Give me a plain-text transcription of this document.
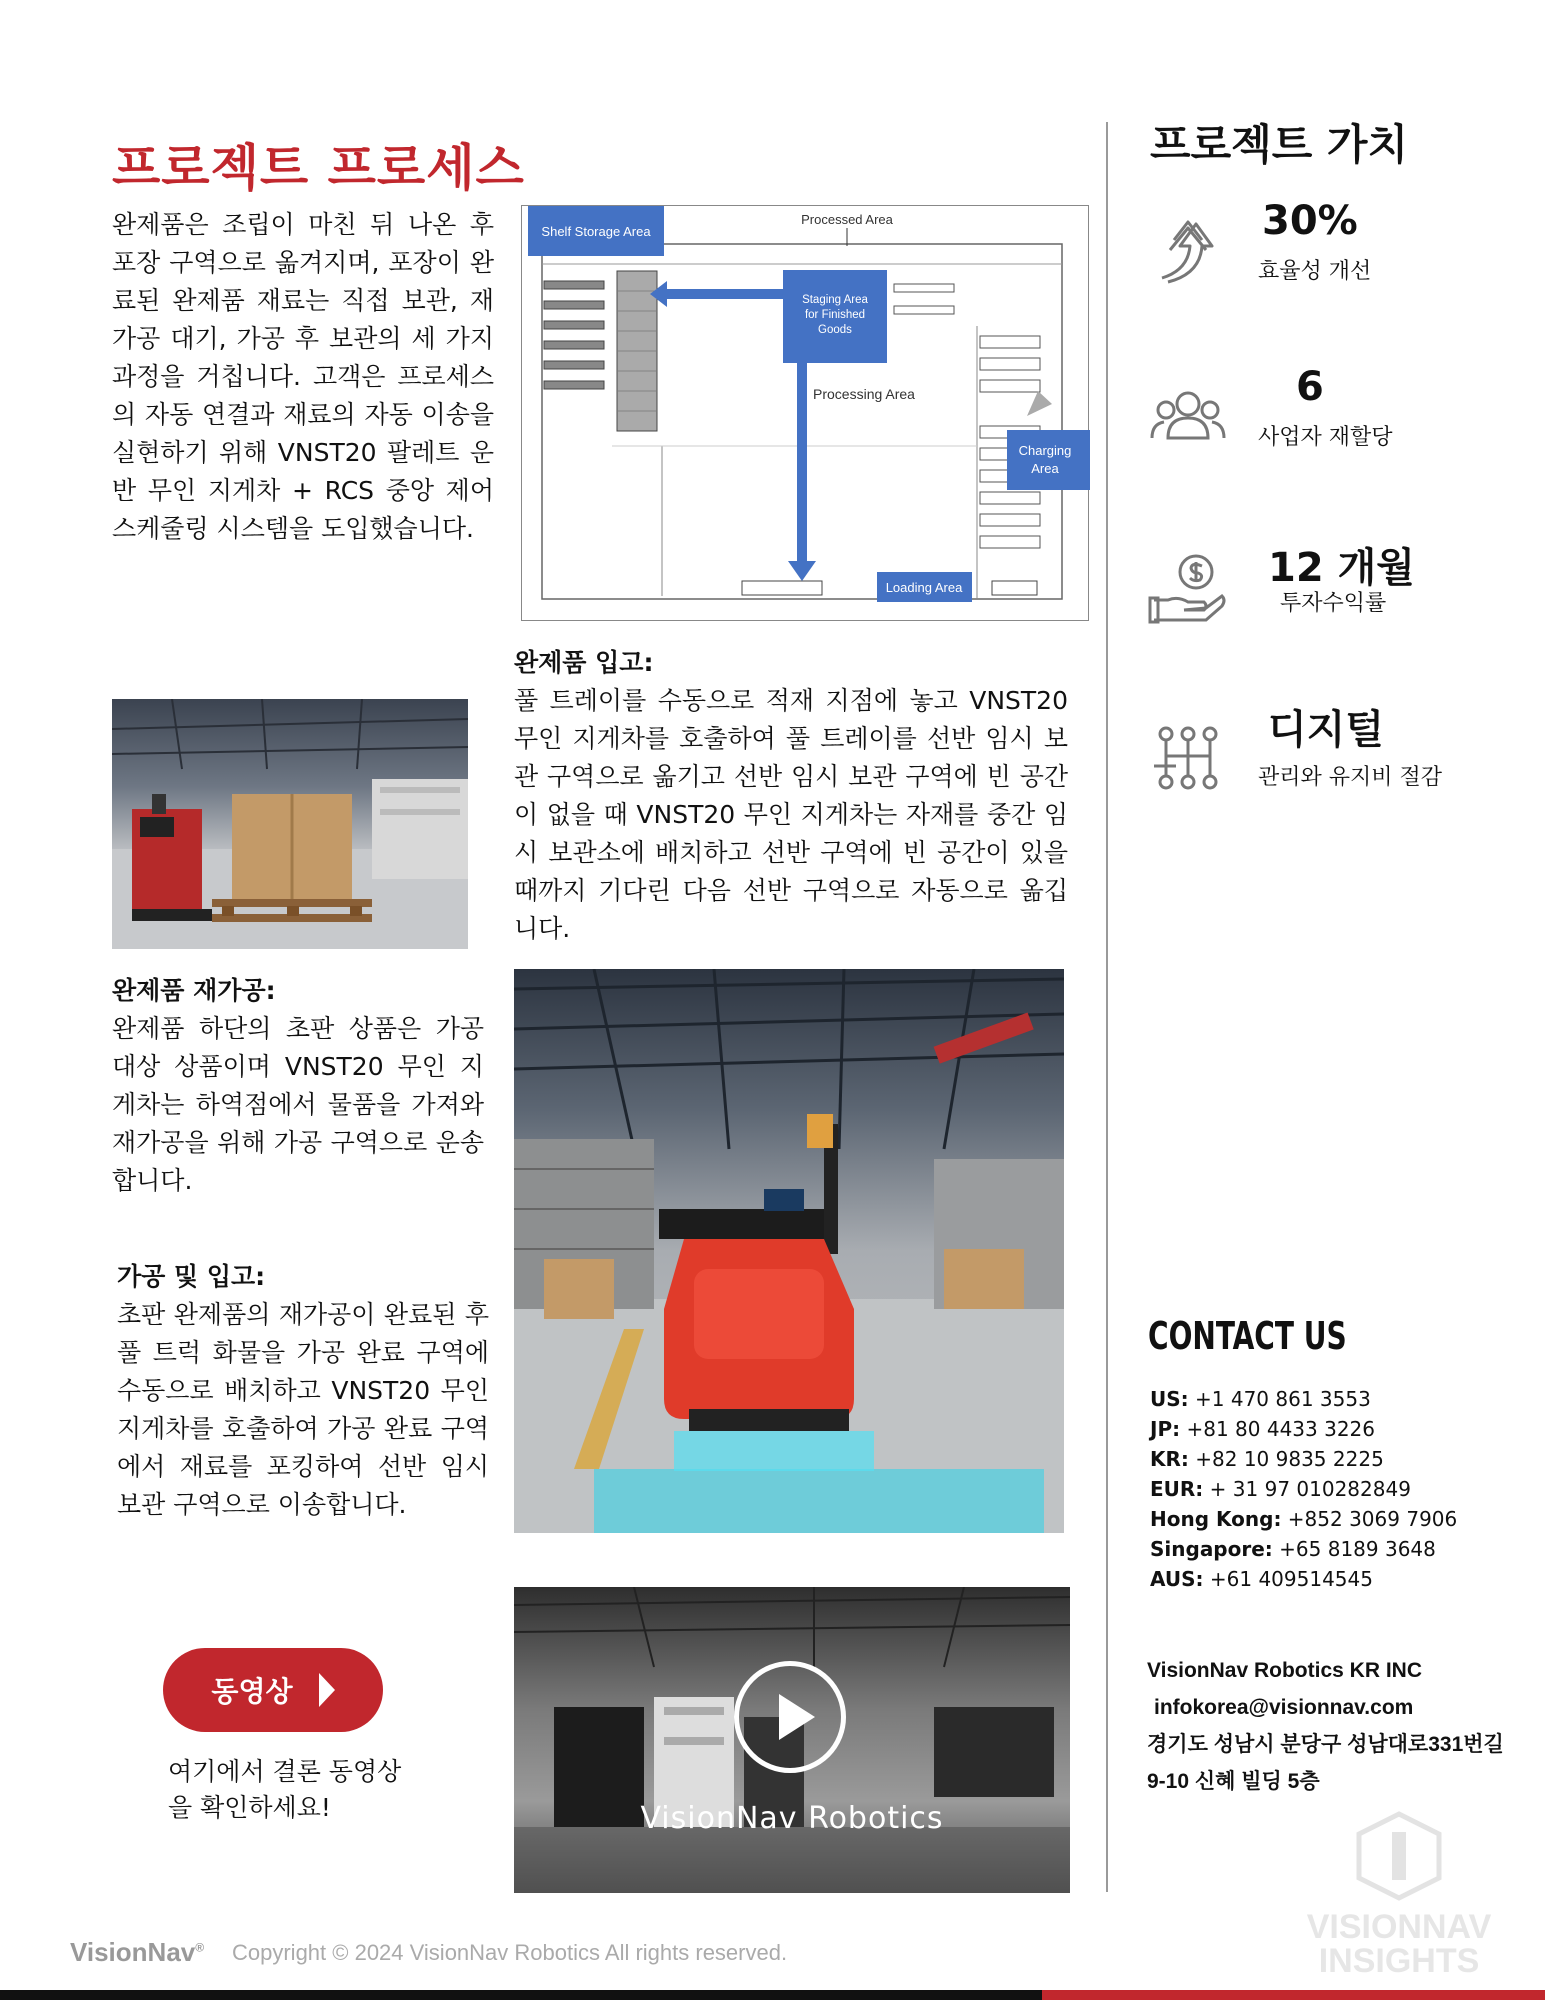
프로젝트 프로세스
완제품은 조립이 마친 뒤 나온 후 포장 구역으로 옮겨지며, 포장이 완료된 완제품 재료는 직접 보관, 재 가공 대기, 가공 후 보관의 세 가지 과정을 거칩니다. 고객은 프로세스의 자동 연결과 재료의 자동 이송을 실현하기 위해 VNST20 팔레트 운반 무인 지게차 + RCS 중앙 제어 스케줄링 시스템을 도입했습니다.
Shelf Storage Area
Staging Area
for Finished
Goods
Charging
Area
Loading Area
Processed Area
Processing Area
완제품 입고:
풀 트레이를 수동으로 적재 지점에 놓고 VNST20 무인 지게차를 호출하여 풀 트레이를 선반 임시 보관 구역으로 옮기고 선반 임시 보관 구역에 빈 공간이 없을 때 VNST20 무인 지게차는 자재를 중간 임시 보관소에 배치하고 선반 구역에 빈 공간이 있을 때까지 기다린 다음 선반 구역으로 자동으로 옮깁니다.
완제품 재가공:
완제품 하단의 초판 상품은 가공 대상 상품이며 VNST20 무인 지게차는 하역점에서 물품을 가져와 재가공을 위해 가공 구역으로 운송합니다.
가공 및 입고:
초판 완제품의 재가공이 완료된 후 풀 트럭 화물을 가공 완료 구역에 수동으로 배치하고 VNST20 무인 지게차를 호출하여 가공 완료 구역에서 재료를 포킹하여 선반 임시 보관 구역으로 이송합니다.
동영상
여기에서 결론 동영상
을 확인하세요!	VisionNav Robotics
프로젝트 가치
30%
효율성 개선
6
사업자 재할당
12 개월
투자수익률
디지털
관리와 유지비 절감
CONTACT US
US: +1 470 861 3553
JP: +81 80 4433 3226
KR: +82 10 9835 2225
EUR: + 31 97 010282849
Hong Kong: +852 3069 7906
Singapore: +65 8189 3648
AUS: +61 409514545
VisionNav Robotics KR INC
infokorea@visionnav.com
경기도 성남시 분당구 성남대로331번길
9-10 신혜 빌딩 5층
VISIONNAV
INSIGHTS
VisionNav® Copyright © 2024 VisionNav Robotics All rights reserved.
